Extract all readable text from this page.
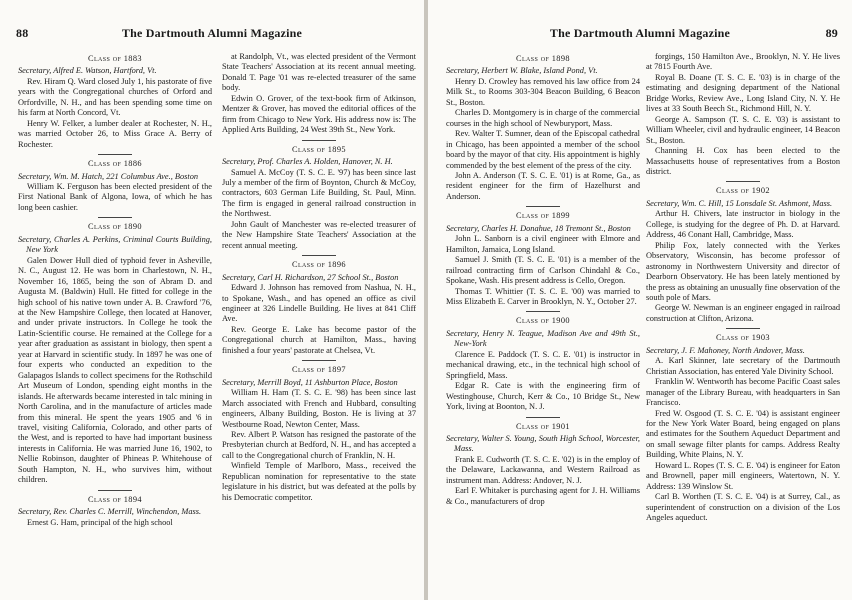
88	The Dartmouth Alumni Magazine
Class of 1883
Secretary, Alfred E. Watson, Hartford, Vt.
Rev. Hiram Q. Ward closed July 1, his pastorate of five years with the Congregational churches of Orford and Orfordville, N. H., and has been spending some time on his farm at North Concord, Vt.
Henry W. Felker, a lumber dealer at Rochester, N. H., was married October 26, to Miss Grace A. Berry of Rochester.
Class of 1886
Secretary, Wm. M. Hatch, 221 Columbus Ave., Boston
William K. Ferguson has been elected president of the First National Bank of Algona, Iowa, of which he has long been cashier.
Class of 1890
Secretary, Charles A. Perkins, Criminal Courts Building, New York
Galen Dower Hull died of typhoid fever in Asheville, N. C., August 12. He was born in Charlestown, N. H., November 16, 1865, being the son of Abram D. and Augusta M. (Baldwin) Hull. He fitted for college in the high school of his native town under A. B. Crawford '76, at the New Hampshire College, then located at Hanover, and under private instructors. In College he took the Latin-Scientific course. He remained at the College for a year after graduation as assistant in biology, then spent a year at Harvard in scientific study. In 1897 he was one of four experts who conducted an expedition to the Galapagos Islands to collect specimens for the Rothschild Art Museum of London, spending eight months in the islands. He afterwards became interested in talc mining in North Carolina, and in the manufacture of articles made from this mineral. He spent the years 1905 and '6 in travel, visiting California, Colorado, and other parts of the West, and is reported to have had important business interests in California. He was married June 16, 1902, to Nellie Robinson, daughter of Phineas P. Whitehouse of South Hampton, N. H., who survives him, without children.
Class of 1894
Secretary, Rev. Charles C. Merrill, Winchendon, Mass.
Ernest G. Ham, principal of the high school
at Randolph, Vt., was elected president of the Vermont State Teachers' Association at its recent annual meeting. Donald T. Page '01 was re-elected treasurer of the same body.
Edwin O. Grover, of the text-book firm of Atkinson, Mentzer & Grover, has moved the editorial offices of the firm from Chicago to New York. His address now is: The Applied Arts Building, 24 West 39th St., New York.
Class of 1895
Secretary, Prof. Charles A. Holden, Hanover, N. H.
Samuel A. McCoy (T. S. C. E. '97) has been since last July a member of the firm of Boynton, Church & McCoy, contractors, 603 German Life Building, St. Paul, Minn. The firm is engaged in general railroad construction in the Northwest.
John Gault of Manchester was re-elected treasurer of the New Hampshire State Teachers' Association at the recent annual meeting.
Class of 1896
Secretary, Carl H. Richardson, 27 School St., Boston
Edward J. Johnson has removed from Nashua, N. H., to Spokane, Wash., and has opened an office as civil engineer at 326 Lindelle Building. He lives at 841 Cliff Ave.
Rev. George E. Lake has become pastor of the Congregational church at Hamilton, Mass., having finished a four years' pastorate at Chelsea, Vt.
Class of 1897
Secretary, Merrill Boyd, 11 Ashburton Place, Boston
William H. Ham (T. S. C. E. '98) has been since last March associated with French and Hubbard, consulting engineers, Albany Building, Boston. He is living at 37 Westbourne Road, Newton Center, Mass.
Rev. Albert P. Watson has resigned the pastorate of the Presbyterian church at Bedford, N. H., and has accepted a call to the Congregational church of Franklin, N. H.
Winfield Temple of Marlboro, Mass., received the Republican nomination for representative to the state legislature in his district, but was defeated at the polls by his Democratic competitor.
The Dartmouth Alumni Magazine	89
Class of 1898
Secretary, Herbert W. Blake, Island Pond, Vt.
Henry D. Crowley has removed his law office from 24 Milk St., to Rooms 303-304 Beacon Building, 6 Beacon St., Boston.
Charles D. Montgomery is in charge of the commercial courses in the high school of Newburyport, Mass.
Rev. Walter T. Sumner, dean of the Episcopal cathedral in Chicago, has been appointed a member of the school board by the mayor of that city. His appointment is highly commended by the best element of the press of the city.
John A. Anderson (T. S. C. E. '01) is at Rome, Ga., as resident engineer for the firm of Hazelhurst and Anderson.
Class of 1899
Secretary, Charles H. Donahue, 18 Tremont St., Boston
John L. Sanborn is a civil engineer with Elmore and Hamilton, Jamaica, Long Island.
Samuel J. Smith (T. S. C. E. '01) is a member of the railroad contracting firm of Carlson Chindahl & Co., Spokane, Wash. His present address is Cello, Oregon.
Thomas T. Whittier (T. S. C. E. '00) was married to Miss Elizabeth E. Carver in Brooklyn, N. Y., October 27.
Class of 1900
Secretary, Henry N. Teague, Madison Ave and 49th St., New-York
Clarence E. Paddock (T. S. C. E. '01) is instructor in mechanical drawing, etc., in the technical high school of Springfield, Mass.
Edgar R. Cate is with the engineering firm of Westinghouse, Church, Kerr & Co., 10 Bridge St., New York, living at Boonton, N. J.
Class of 1901
Secretary, Walter S. Young, South High School, Worcester, Mass.
Frank E. Cudworth (T. S. C. E. '02) is in the employ of the Delaware, Lackawanna, and Western Railroad as instrument man. Address: Andover, N. J.
Earl F. Whitaker is purchasing agent for J. H. Williams & Co., manufacturers of drop
forgings, 150 Hamilton Ave., Brooklyn, N. Y. He lives at 7815 Fourth Ave.
Royal B. Doane (T. S. C. E. '03) is in charge of the estimating and designing department of the National Bridge Works, Review Ave., Long Island City, N. Y. He lives at 33 South Beech St., Richmond Hill, N. Y.
George A. Sampson (T. S. C. E. '03) is assistant to William Wheeler, civil and hydraulic engineer, 14 Beacon St., Boston.
Channing H. Cox has been elected to the Massachusetts house of representatives from a Boston district.
Class of 1902
Secretary, Wm. C. Hill, 15 Lonsdale St. Ashmont, Mass.
Arthur H. Chivers, late instructor in biology in the College, is studying for the degree of Ph. D. at Harvard. Address, 46 Conant Hall, Cambridge, Mass.
Philip Fox, lately connected with the Yerkes Observatory, Wisconsin, has become professor of astronomy in Northwestern University and director of Dearborn Observatory. He has been lately mentioned by the press as obtaining an unusually fine observation of the south pole of Mars.
George W. Newman is an engineer engaged in railroad construction at Clifton, Arizona.
Class of 1903
Secretary, J. F. Mahoney, North Andover, Mass.
A. Karl Skinner, late secretary of the Dartmouth Christian Association, has entered Yale Divinity School.
Franklin W. Wentworth has become Pacific Coast sales manager of the Library Bureau, with headquarters in San Francisco.
Fred W. Osgood (T. S. C. E. '04) is assistant engineer for the New York Water Board, being engaged on plans and estimates for the Southern Aqueduct Department and on small sewage filter plants for camps. Address Realty Building, White Plains, N. Y.
Howard L. Ropes (T. S. C. E. '04) is engineer for Eaton and Brownell, paper mill engineers, Watertown, N. Y. Address: 139 Winslow St.
Carl B. Worthen (T. S. C. E. '04) is at Surrey, Cal., as superintendent of construction on a division of the Los Angeles aqueduct.
